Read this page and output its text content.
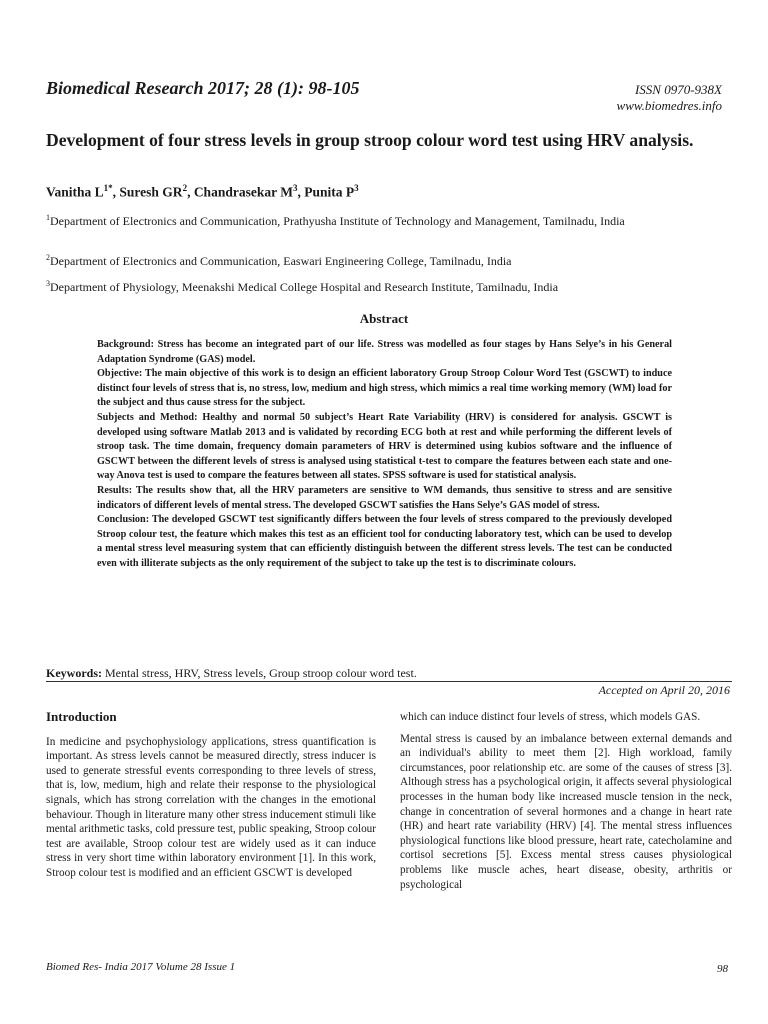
Biomedical Research 2017; 28 (1): 98-105	ISSN 0970-938X
www.biomedres.info
Development of four stress levels in group stroop colour word test using HRV analysis.
Vanitha $L^{1*}$, Suresh $GR^2$, Chandrasekar $M^3$, Punita $P^3$

$^1$Department of Electronics and Communication, Prathyusha Institute of Technology and Management, Tamilnadu, India

$^2$Department of Electronics and Communication, Easwari Engineering College, Tamilnadu, India

$^3$Department of Physiology, Meenakshi Medical College Hospital and Research Institute, Tamilnadu, India

Abstract

Background: Stress has become an integrated part of our life. Stress was modelled as four stages by Hans Selye’s in his General Adaptation Syndrome (GAS) model.

Objective: The main objective of this work is to design an efficient laboratory Group Stroop Colour Word Test (GSCWT) to induce distinct four levels of stress that is, no stress, low, medium and high stress, which mimics a real time working memory (WM) load for the subject and thus cause stress for the subject.

Subjects and Method: Healthy and normal 50 subject’s Heart Rate Variability (HRV) is considered for analysis. GSCWT is developed using software Matlab 2013 and is validated by recording ECG both at rest and while performing the different levels of stroop task. The time domain, frequency domain parameters of HRV is determined using kubios software and the influence of GSCWT between the different levels of stress is analysed using statistical t-test to compare the features between each state and one-way Anova test is used to compare the features between all states. SPSS software is used for statistical analysis.

Results: The results show that, all the HRV parameters are sensitive to WM demands, thus sensitive to stress and are sensitive indicators of different levels of mental stress. The developed GSCWT satisfies the Hans Selye’s GAS model of stress.

Conclusion: The developed GSCWT test significantly differs between the four levels of stress compared to the previously developed Stroop colour test, the feature which makes this test as an efficient tool for conducting laboratory test, which can be used to develop a mental stress level measuring system that can efficiently distinguish between the different stress levels. The test can be conducted even with illiterate subjects as the only requirement of the subject to take up the test is to discriminate colours.

Keywords: Mental stress, HRV, Stress levels, Group stroop colour word test.

Accepted on April 20, 2016

Introduction

In medicine and psychophysiology applications, stress quantification is important. As stress levels cannot be measured directly, stress inducer is used to generate stressful events corresponding to three levels of stress, that is, low, medium, high and relate their response to the physiological signals, which has strong correlation with the changes in the emotional behaviour. Though in literature many other stress inducement stimuli like mental arithmetic tasks, cold pressure test, public speaking, Stroop colour test are available, Stroop colour test are widely used as it can induce stress in very short time within laboratory environment [1]. In this work, Stroop colour test is modified and an efficient GSCWT is developed

which can induce distinct four levels of stress, which models GAS.

Mental stress is caused by an imbalance between external demands and an individual's ability to meet them [2]. High workload, family circumstances, poor relationship etc. are some of the causes of stress [3]. Although stress has a psychological origin, it affects several physiological processes in the human body like increased muscle tension in the neck, change in concentration of several hormones and a change in heart rate (HR) and heart rate variability (HRV) [4]. The mental stress influences physiological functions like blood pressure, heart rate, catecholamine and cortisol secretions [5]. Excess mental stress causes physiological problems like muscle aches, heart disease, obesity, arthritis or psychological

Biomed Res- India 2017 Volume 28 Issue 1	98
